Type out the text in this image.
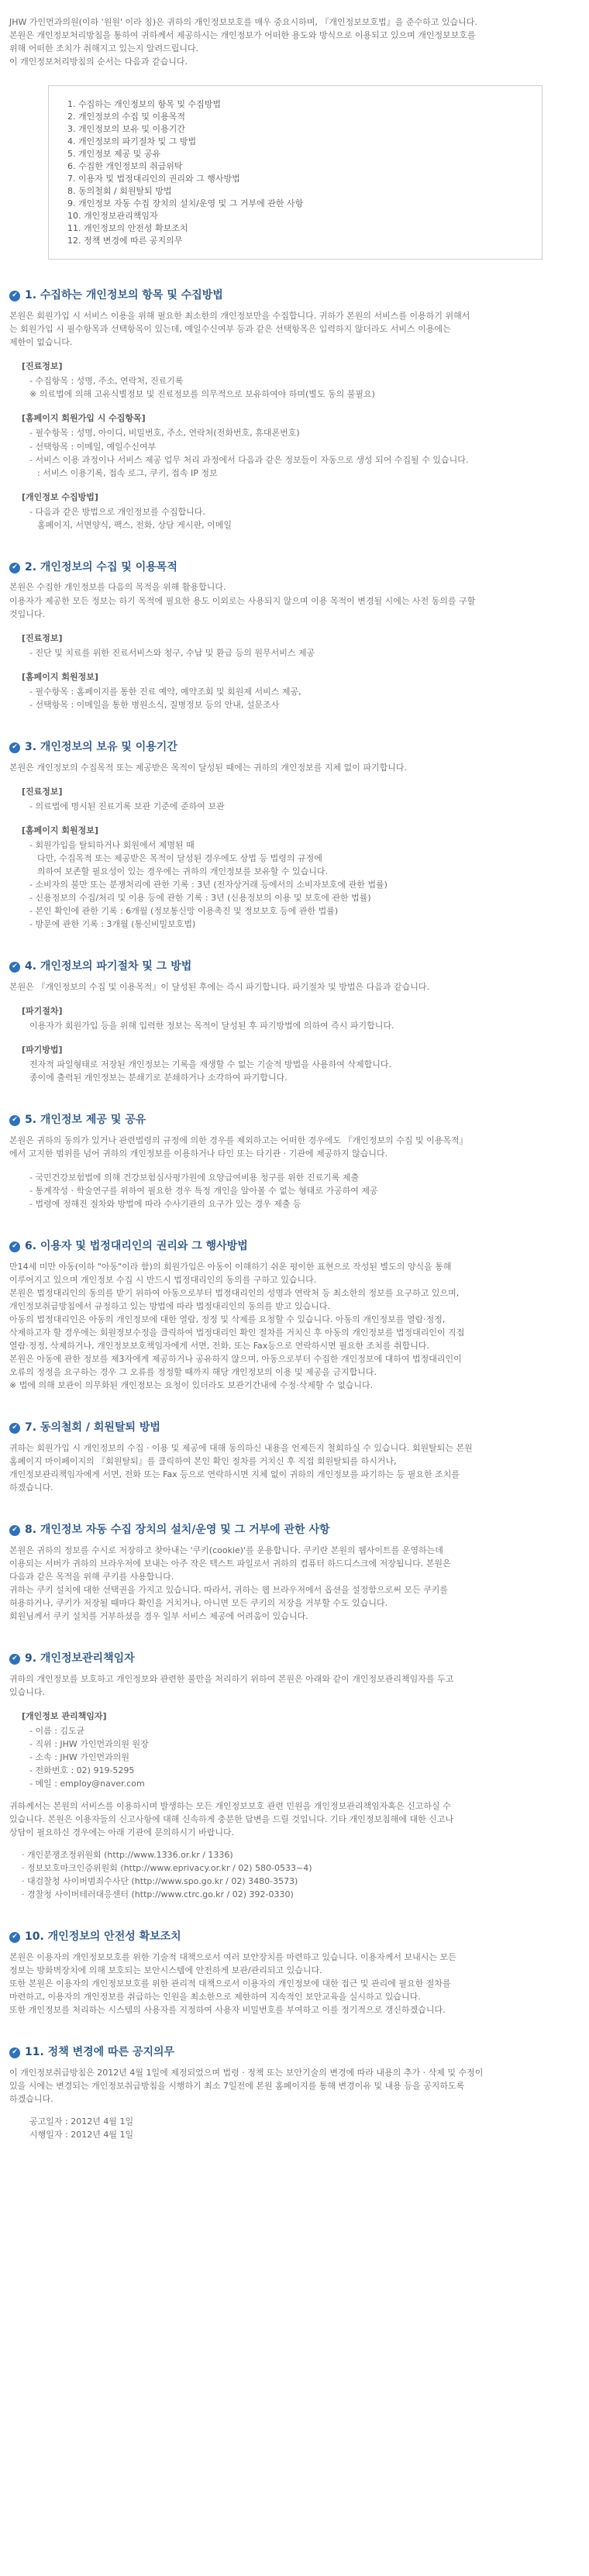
JHW 가인먼과의원(이하 '원원' 이라 칭)은 귀하의 개인정보보호를 매우 중요시하며, 『개인정보보호법』을 준수하고 있습니다.

본원은 개인정보처리방침을 통하여 귀하께서 제공하시는 개인정보가 어떠한 용도와 방식으로 이용되고 있으며 개인정보보호를

위해 어떠한 조치가 취해지고 있는지 알려드립니다.

이 개인정보처리방침의 순서는 다음과 같습니다.

1. 수집하는 개인정보의 항목 및 수집방법
2. 개인정보의 수집 및 이용목적
3. 개인정보의 보유 및 이용기간
4. 개인정보의 파기절차 및 그 방법
5. 개인정보 제공 및 공유
6. 수집한 개인정보의 취급위탁
7. 이용자 및 법정대리인의 권리와 그 행사방법
8. 동의철회 / 회원탈퇴 방법
9. 개인정보 자동 수집 장치의 설치/운영 및 그 거부에 관한 사항
10. 개인정보관리책임자
11. 개인정보의 안전성 확보조치
12. 정책 변경에 따른 공지의무
✔ 1. 수집하는 개인정보의 항목 및 수집방법

본원은 회원가입 시 서비스 이용을 위해 필요한 최소한의 개인정보만을 수집합니다. 귀하가 본원의 서비스를 이용하기 위해서

는 회원가입 시 필수항목과 선택항목이 있는데, 예일수신여부 등과 같은 선택항목은 입력하지 않더라도 서비스 이용에는

제한이 없습니다.

[진료정보]
- 수집항목 : 성명, 주소, 연락처, 진료기록
※ 의료법에 의해 고유식별정보 및 진료정보를 의무적으로 보유하여야 하며(별도 동의 불필요)
[홈페이지 회원가입 시 수집항목]
- 필수항목 : 성명, 아이디, 비밀번호, 주소, 연락처(전화번호, 휴대폰번호)
- 선택항목 : 이메일, 예일수신여부
- 서비스 이용 과정이나 서비스 제공 업무 처리 과정에서 다음과 같은 정보들이 자동으로 생성 되어 수집될 수 있습니다.
: 서비스 이용기록, 접속 로그, 쿠키, 접속 IP 정보
[개인정보 수집방법]
- 다음과 같은 방법으로 개인정보를 수집합니다.
홈페이지, 서면양식, 팩스, 전화, 상담 게시판, 이메일
✔ 2. 개인정보의 수집 및 이용목적

본원은 수집한 개인정보를 다음의 목적을 위해 활용합니다.

이용자가 제공한 모든 정보는 하기 목적에 필요한 용도 이외로는 사용되지 않으며 이용 목적이 변경될 시에는 사전 동의를 구할

것입니다.

[진료정보]
- 진단 및 치료를 위한 진료서비스와 청구, 수납 및 환급 등의 원무서비스 제공
[홈페이지 회원정보]
- 필수항목 : 홈페이지를 통한 진료 예약, 예약조회 및 회원제 서비스 제공,
- 선택항목 : 이메일을 통한 병원소식, 질병정보 등의 안내, 설문조사
✔ 3. 개인정보의 보유 및 이용기간

본원은 개인정보의 수집목적 또는 제공받은 목적이 달성된 때에는 귀하의 개인정보를 지체 없이 파기합니다.

[진료정보]
- 의료법에 명시된 진료기록 보관 기준에 준하여 보관
[홈페이지 회원정보]
- 회원가입을 탈퇴하거나 회원에서 제명된 때
다만, 수집목적 또는 제공받은 목적이 달성된 경우에도 상법 등 법령의 규정에
의하여 보존할 필요성이 있는 경우에는 귀하의 개인정보를 보유할 수 있습니다.
- 소비자의 불만 또는 분쟁처리에 관한 기록 : 3년 (전자상거래 등에서의 소비자보호에 관한 법률)
- 신용정보의 수집/처리 및 이용 등에 관한 기록 : 3년 (신용정보의 이용 및 보호에 관한 법률)
- 본인 확인에 관한 기록 : 6개월 (정보통신망 이용촉진 및 정보보호 등에 관한 법률)
- 방문에 관한 기록 : 3개월 (통신비밀보호법)
✔ 4. 개인정보의 파기절차 및 그 방법

본원은 『개인정보의 수집 및 이용목적』이 달성된 후에는 즉시 파기합니다. 파기절차 및 방법은 다음과 같습니다.

[파기절차]
이용자가 회원가입 등을 위해 입력한 정보는 목적이 달성된 후 파기방법에 의하여 즉시 파기합니다.
[파기방법]
전자적 파일형태로 저장된 개인정보는 기록을 재생할 수 없는 기술적 방법을 사용하여 삭제합니다.
종이에 출력된 개인정보는 분쇄기로 분쇄하거나 소각하여 파기합니다.
✔ 5. 개인정보 제공 및 공유

본원은 귀하의 동의가 있거나 관련법령의 규정에 의한 경우를 제외하고는 어떠한 경우에도 『개인정보의 수집 및 이용목적』

에서 고지한 범위를 넘어 귀하의 개인정보를 이용하거나 타인 또는 타기관 · 기관에 제공하지 않습니다.

- 국민건강보험법에 의해 건강보험심사평가원에 요양급여비용 청구를 위한 진료기록 제출
- 통계작성 · 학술연구를 위하여 필요한 경우 특정 개인을 알아볼 수 없는 형태로 가공하여 제공
- 법령에 정해진 절차와 방법에 따라 수사기관의 요구가 있는 경우 제출 등
✔ 6. 이용자 및 법정대리인의 권리와 그 행사방법

만14세 미만 아동(이하 "아동"이라 함)의 회원가입은 아동이 이해하기 쉬운 평이한 표현으로 작성된 별도의 양식을 통해

이루어지고 있으며 개인정보 수집 시 반드시 법정대리인의 동의를 구하고 있습니다.

본원은 법정대리인의 동의를 받기 위하여 아동으로부터 법정대리인의 성명과 연락처 등 최소한의 정보를 요구하고 있으며,

개인정보취급방침에서 규정하고 있는 방법에 따라 법정대리인의 동의를 받고 있습니다.

아동의 법정대리인은 아동의 개인정보에 대한 열람, 정정 및 삭제를 요청할 수 있습니다. 아동의 개인정보를 열람·정정,

삭제하고자 할 경우에는 회원정보수정을 클릭하여 법정대리인 확인 절차를 거치신 후 아동의 개인정보를 법정대리인이 직접

열람·정정, 삭제하거나, 개인정보보호책임자에게 서면, 전화, 또는 Fax등으로 연락하시면 필요한 조치를 취합니다.

본원은 아동에 관한 정보를 제3자에게 제공하거나 공유하지 않으며, 아동으로부터 수집한 개인정보에 대하여 법정대리인이

오류의 정정을 요구하는 경우 그 오류를 정정할 때까지 해당 개인정보의 이용 및 제공을 금지합니다.

※ 법에 의해 보관이 의무화된 개인정보는 요청이 있더라도 보관기간내에 수정·삭제할 수 없습니다.

✔ 7. 동의철회 / 회원탈퇴 방법

귀하는 회원가입 시 개인정보의 수집 · 이용 및 제공에 대해 동의하신 내용을 언제든지 철회하실 수 있습니다. 회원탈퇴는 본원

홈페이지 마이페이지의 『회원탈퇴』를 클릭하여 본인 확인 절차를 거치신 후 직접 회원탈퇴를 하시거나,

개인정보관리책임자에게 서면, 전화 또는 Fax 등으로 연락하시면 지체 없이 귀하의 개인정보를 파기하는 등 필요한 조치를

하겠습니다.

✔ 8. 개인정보 자동 수집 장치의 설치/운영 및 그 거부에 관한 사항

본원은 귀하의 정보를 수시로 저장하고 찾아내는 '쿠키(cookie)'를 운용합니다. 쿠키란 본원의 웹사이트를 운영하는데

이용되는 서버가 귀하의 브라우저에 보내는 아주 작은 텍스트 파일로서 귀하의 컴퓨터 하드디스크에 저장됩니다. 본원은

다음과 같은 목적을 위해 쿠키를 사용합니다.

귀하는 쿠키 설치에 대한 선택권을 가지고 있습니다. 따라서, 귀하는 웹 브라우저에서 옵션을 설정함으로써 모든 쿠키를

허용하거나, 쿠키가 저장될 때마다 확인을 거치거나, 아니면 모든 쿠키의 저장을 거부할 수도 있습니다.

회원님께서 쿠키 설치를 거부하셨을 경우 일부 서비스 제공에 어려움이 있습니다.

✔ 9. 개인정보관리책임자

귀하의 개인정보를 보호하고 개인정보와 관련한 불만을 처리하기 위하여 본원은 아래와 같이 개인정보관리책임자를 두고

있습니다.

[개인정보 관리책임자]
- 이름 : 김도균
- 직위 : JHW 가인먼과의원 원장
- 소속 : JHW 가인먼과의원
- 전화번호 : 02) 919-5295
- 메일 : employ@naver.com

귀하께서는 본원의 서비스를 이용하시며 발생하는 모든 개인정보보호 관련 민원을 개인정보관리책임자혹은 신고하실 수

있습니다. 본원은 이용자들의 신고사항에 대해 신속하게 충분한 답변을 드릴 것입니다. 기타 개인정보침해에 대한 신고나

상담이 필요하신 경우에는 아래 기관에 문의하시기 바랍니다.

· 개인분쟁조정위원회 (http://www.1336.or.kr / 1336)
· 정보보호마크인증위원회 (http://www.eprivacy.or.kr / 02) 580-0533~4)
· 대검찰청 사이버범죄수사단 (http://www.spo.go.kr / 02) 3480-3573)
· 경찰청 사이버테러대응센터 (http://www.ctrc.go.kr / 02) 392-0330)
✔ 10. 개인정보의 안전성 확보조치

본원은 이용자의 개인정보보호를 위한 기술적 대책으로서 여러 보안장치를 마련하고 있습니다. 이용자께서 보내시는 모든

정보는 방화벽장치에 의해 보호되는 보안시스템에 안전하게 보관/관리되고 있습니다.

또한 본원은 이용자의 개인정보보호를 위한 관리적 대책으로서 이용자의 개인정보에 대한 접근 및 관리에 필요한 절차를

마련하고, 이용자의 개인정보를 취급하는 인원을 최소한으로 제한하여 지속적인 보안교육을 실시하고 있습니다.

또한 개인정보를 처리하는 시스템의 사용자를 지정하여 사용자 비밀번호를 부여하고 이를 정기적으로 갱신하겠습니다.

✔ 11. 정책 변경에 따른 공지의무

이 개인정보취급방침은 2012년 4월 1일에 제정되었으며 법령 · 정책 또는 보안기술의 변경에 따라 내용의 추가 · 삭제 및 수정이

있을 시에는 변경되는 개인정보취급방침을 시행하기 최소 7일전에 본원 홈페이지를 통해 변경이유 및 내용 등을 공지하도록

하겠습니다.

공고일자 : 2012년 4월 1일
시행일자 : 2012년 4월 1일
